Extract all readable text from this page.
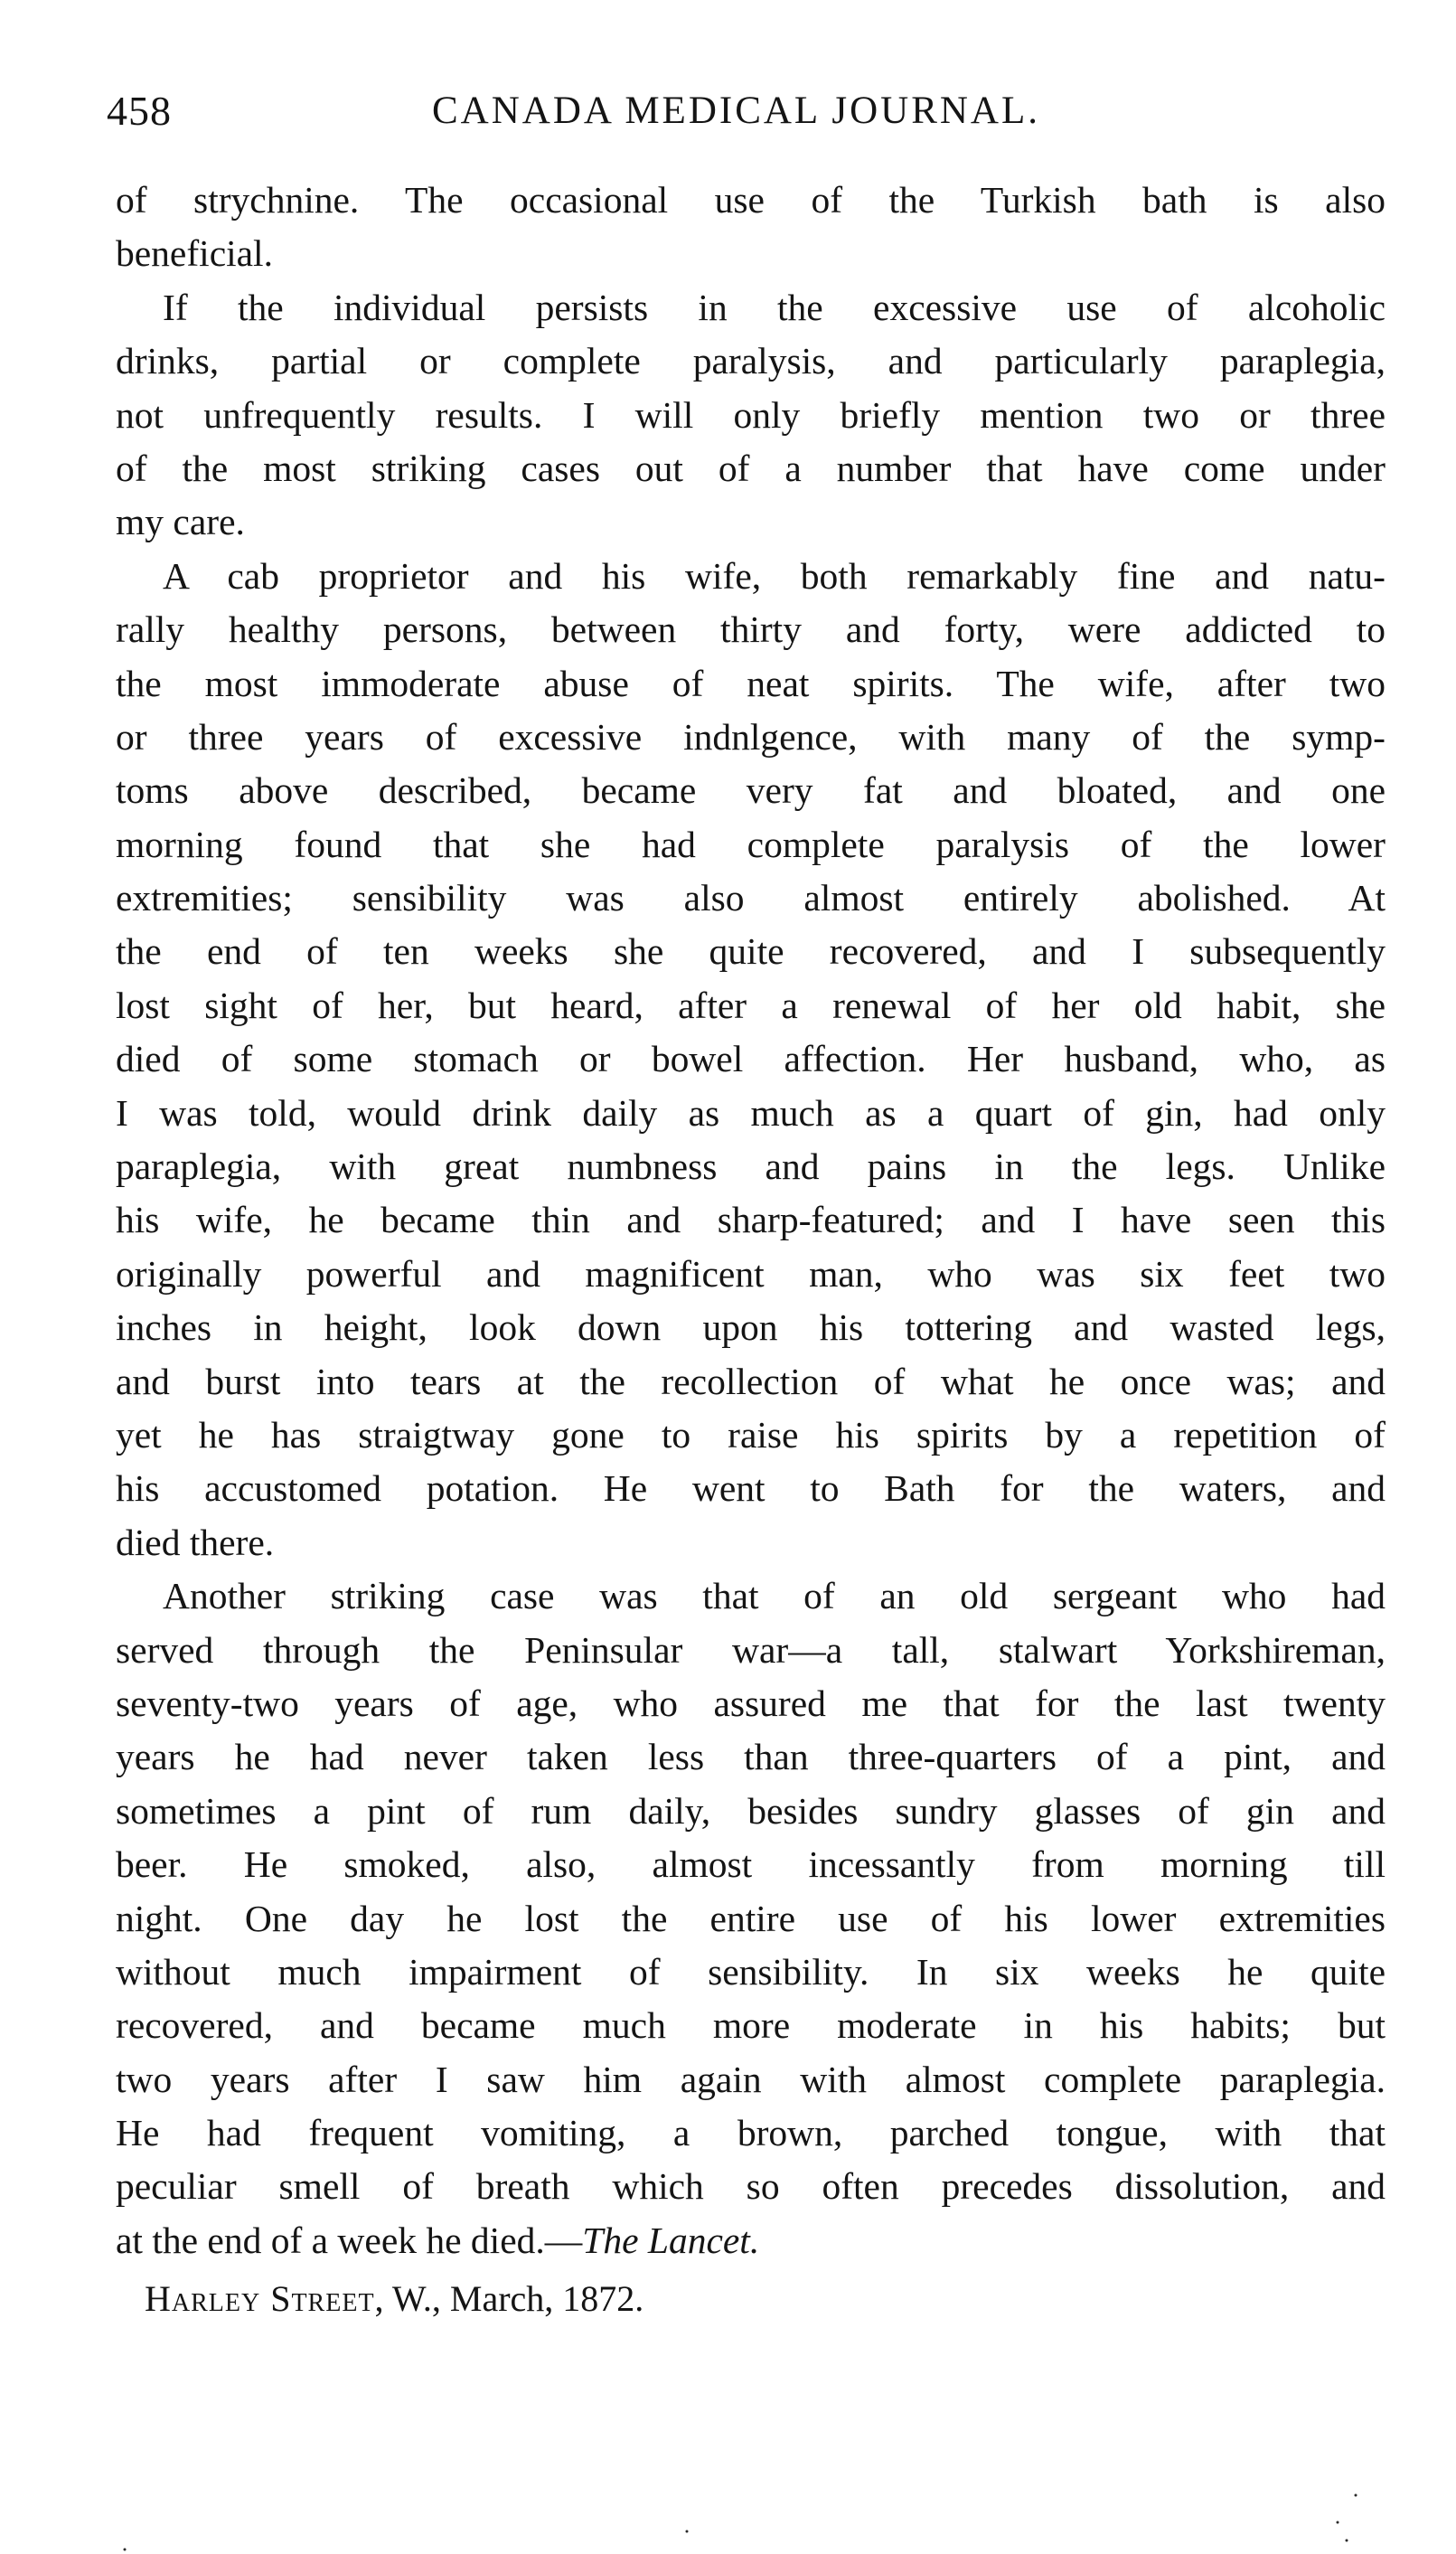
458	CANADA MEDICAL JOURNAL.
of strychnine. The occasional use of the Turkish bath is also
beneficial.
If the individual persists in the excessive use of alcoholic
drinks, partial or complete paralysis, and particularly paraplegia,
not unfrequently results. I will only briefly mention two or three
of the most striking cases out of a number that have come under
my care.
A cab proprietor and his wife, both remarkably fine and natu-
rally healthy persons, between thirty and forty, were addicted to
the most immoderate abuse of neat spirits. The wife, after two
or three years of excessive indnlgence, with many of the symp-
toms above described, became very fat and bloated, and one
morning found that she had complete paralysis of the lower
extremities; sensibility was also almost entirely abolished. At
the end of ten weeks she quite recovered, and I subsequently
lost sight of her, but heard, after a renewal of her old habit, she
died of some stomach or bowel affection. Her husband, who, as
I was told, would drink daily as much as a quart of gin, had only
paraplegia, with great numbness and pains in the legs. Unlike
his wife, he became thin and sharp-featured; and I have seen this
originally powerful and magnificent man, who was six feet two
inches in height, look down upon his tottering and wasted legs,
and burst into tears at the recollection of what he once was; and
yet he has straigtway gone to raise his spirits by a repetition of
his accustomed potation. He went to Bath for the waters, and
died there.
Another striking case was that of an old sergeant who had
served through the Peninsular war—a tall, stalwart Yorkshireman,
seventy-two years of age, who assured me that for the last twenty
years he had never taken less than three-quarters of a pint, and
sometimes a pint of rum daily, besides sundry glasses of gin and
beer. He smoked, also, almost incessantly from morning till
night. One day he lost the entire use of his lower extremities
without much impairment of sensibility. In six weeks he quite
recovered, and became much more moderate in his habits; but
two years after I saw him again with almost complete paraplegia.
He had frequent vomiting, a brown, parched tongue, with that
peculiar smell of breath which so often precedes dissolution, and
at the end of a week he died.—The Lancet.
Harley Street, W., March, 1872.
